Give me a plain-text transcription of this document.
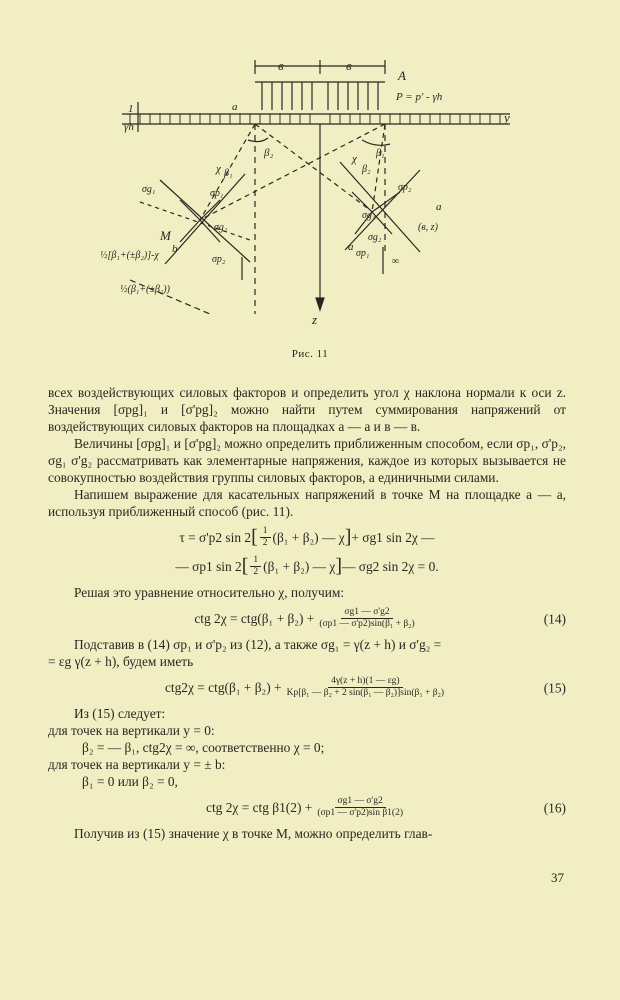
в	в
A
P = p' - γh
γh
y
z
M
а
а
а
b
β₂
β₁
β₁
β₂
(в, z)
σg₁	σp₁
σg₂
σp₂
σg₁
σp₂
σg₂
σp₁
χ
χ
½[β₁+(±β₂)]-χ
½(β₁+(±β₂))
∞
1
Рис. 11

всех воздействующих силовых факторов и определить угол χ наклона нормали к оси z. Значения [σpg]₁ и [σ'pg]₂ можно найти путем суммирования напряжений от воздействующих силовых факторов на площадках а — а и в — в.

Величины [σpg]₁ и [σ'pg]₂ можно определить приближенным способом, если σp₁, σ'p₂, σg₁ σ'g₂ рассматривать как элементарные напряжения, каждое из которых вызывается не совокупностью воздействия группы силовых факторов, а единичными силами.

Напишем выражение для касательных напряжений в точке M на площадке а — а, используя приближенный способ (рис. 11).

τ = σ'p2 sin 2 [ $\frac{1}{2} (\beta_1 + \beta_2)$ — χ ] + σg1 sin 2χ —
— σp1 sin 2 [ $\frac{1}{2} (\beta_1 + \beta_2)$ — χ ] — σg2 sin 2χ = 0.

Решая это уравнение относительно χ, получим:

ctg $2\chi = ctg(\beta_1 + \beta_2) + \frac{\sigma g1 — \sigma'g2}{\text{(σp1 — σ'p2)sin(β₁ + β₂)}}$	(14)

Подставив в (14) σp₁ и σ'p₂ из (12), а также σg₁ = γ(z + h) и σ'g₂ =

= εg γ(z + h), будем иметь

$ctg2\chi = ctg(\beta_1 + \beta_2) + \frac{4\gamma(z + h)(1 — \varepsilon g)}{\text{Kp[β₁ — β₂ + 2 sin(β₁ — β₂)]sin(β₁ + β₂)}}$	(15)

Из (15) следует:

для точек на вертикали y = 0:

β₂ = — β₁, ctg2χ = ∞, соответственно χ = 0;

для точек на вертикали y = ± b:

β₁ = 0 или β₂ = 0,

ctg 2χ = ctg $\beta 1(2) + \frac{\sigma g1 — \sigma'g2}{\text{(σp1 — σ'p2)sin β1(2)}}$	(16)

Получив из (15) значение χ в точке M, можно определить глав-

37
